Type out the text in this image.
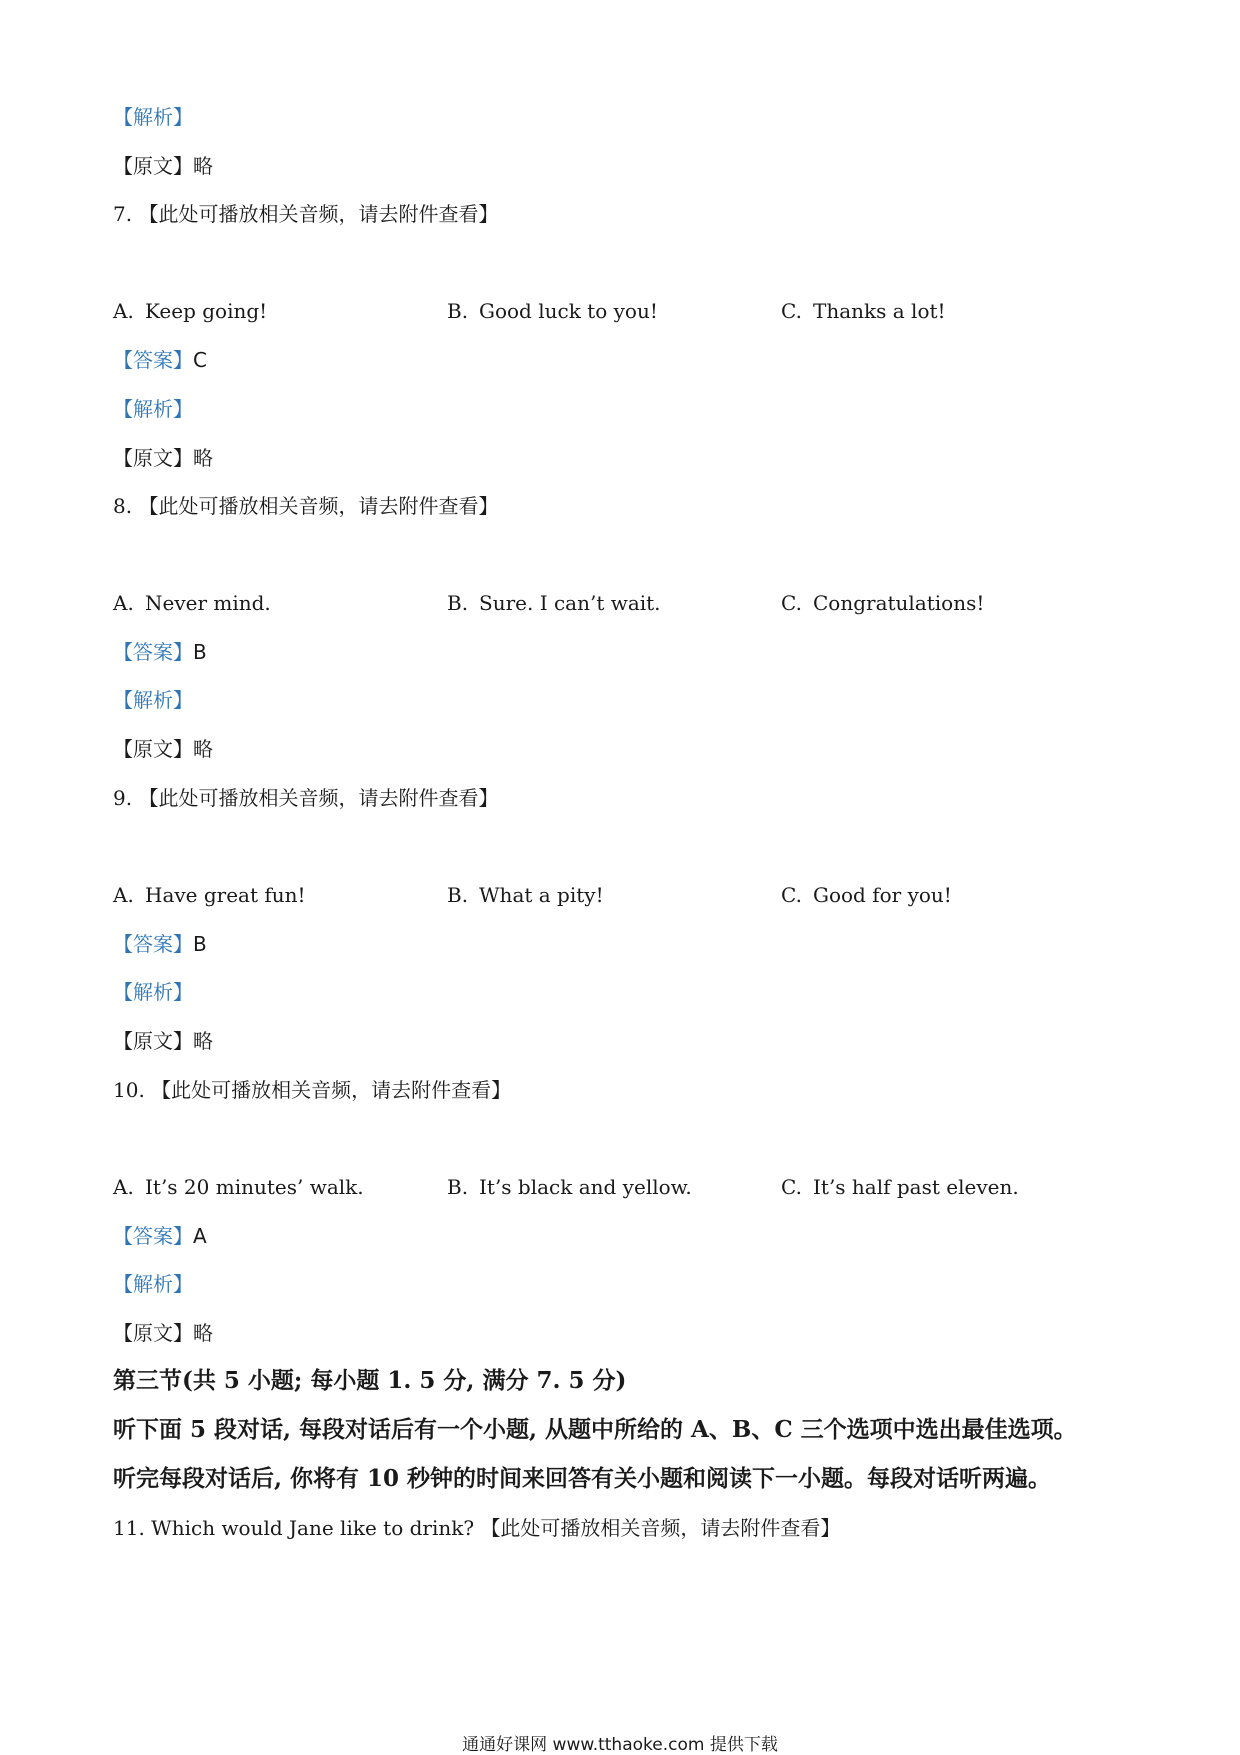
【解析】
【原文】略
7. 【此处可播放相关音频，请去附件查看】
A. Keep going!	B. Good luck to you!	C. Thanks a lot!
【答案】C
【解析】
【原文】略
8. 【此处可播放相关音频，请去附件查看】
A. Never mind.	B. Sure. I can’t wait.	C. Congratulations!
【答案】B
【解析】
【原文】略
9. 【此处可播放相关音频，请去附件查看】
A. Have great fun!	B. What a pity!	C. Good for you!
【答案】B
【解析】
【原文】略
10. 【此处可播放相关音频，请去附件查看】
A. It’s 20 minutes’ walk.	B. It’s black and yellow.	C. It’s half past eleven.
【答案】A
【解析】
【原文】略
第三节(共 5 小题; 每小题 1. 5 分, 满分 7. 5 分)
听下面 5 段对话, 每段对话后有一个小题, 从题中所给的 A、B、C 三个选项中选出最佳选项。
听完每段对话后, 你将有 10 秒钟的时间来回答有关小题和阅读下一小题。每段对话听两遍。
11. Which would Jane like to drink? 【此处可播放相关音频，请去附件查看】
通通好课网 www.tthaoke.com 提供下载
